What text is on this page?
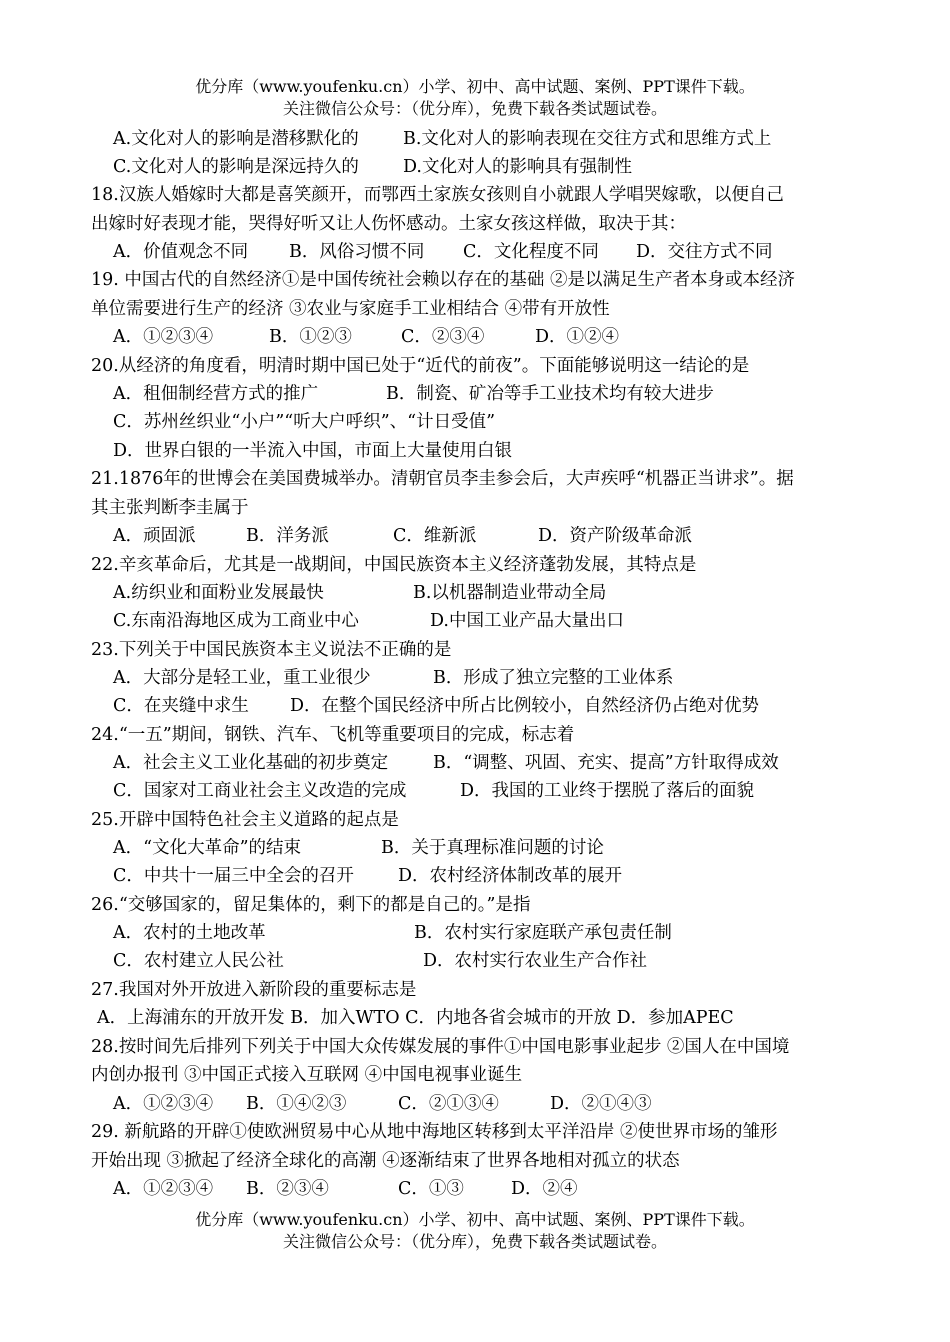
优分库（www.youfenku.cn）小学、初中、高中试题、案例、PPT课件下载。
关注微信公众号：（优分库），免费下载各类试题试卷。
A.文化对人的影响是潜移默化的	B.文化对人的影响表现在交往方式和思维方式上
C.文化对人的影响是深远持久的	D.文化对人的影响具有强制性
18.汉族人婚嫁时大都是喜笑颜开，而鄂西土家族女孩则自小就跟人学唱哭嫁歌，以便自己
出嫁时好表现才能，哭得好听又让人伤怀感动。土家女孩这样做，取决于其：
A．价值观念不同 B．风俗习惯不同 C．文化程度不同 D．交往方式不同
19. 中国古代的自然经济①是中国传统社会赖以存在的基础 ②是以满足生产者本身或本经济
单位需要进行生产的经济 ③农业与家庭手工业相结合 ④带有开放性
A．①②③④	B．①②③	C．②③④	D．①②④
20.从经济的角度看，明清时期中国已处于“近代的前夜”。下面能够说明这一结论的是
A．租佃制经营方式的推广	B．制瓷、矿冶等手工业技术均有较大进步
C．苏州丝织业“小户”“听大户呼织”、“计日受值”
D．世界白银的一半流入中国，市面上大量使用白银
21.1876年的世博会在美国费城举办。清朝官员李圭参会后，大声疾呼“机器正当讲求”。据
其主张判断李圭属于
A．顽固派	B．洋务派	C．维新派	D．资产阶级革命派
22.辛亥革命后，尤其是一战期间，中国民族资本主义经济蓬勃发展，其特点是
A.纺织业和面粉业发展最快	B.以机器制造业带动全局
C.东南沿海地区成为工商业中心	D.中国工业产品大量出口
23.下列关于中国民族资本主义说法不正确的是
A．大部分是轻工业，重工业很少	B．形成了独立完整的工业体系
C．在夹缝中求生 D．在整个国民经济中所占比例较小，自然经济仍占绝对优势
24.“一五”期间，钢铁、汽车、飞机等重要项目的完成，标志着
A．社会主义工业化基础的初步奠定	B．“调整、巩固、充实、提高”方针取得成效
C．国家对工商业社会主义改造的完成	D．我国的工业终于摆脱了落后的面貌
25.开辟中国特色社会主义道路的起点是
A．“文化大革命”的结束	B．关于真理标准问题的讨论
C．中共十一届三中全会的召开	D．农村经济体制改革的展开
26.“交够国家的，留足集体的，剩下的都是自己的。”是指
A．农村的土地改革	B．农村实行家庭联产承包责任制
C．农村建立人民公社	D．农村实行农业生产合作社
27.我国对外开放进入新阶段的重要标志是
A．上海浦东的开放开发 B．加入WTO C．内地各省会城市的开放 D．参加APEC
28.按时间先后排列下列关于中国大众传媒发展的事件①中国电影事业起步 ②国人在中国境
内创办报刊 ③中国正式接入互联网 ④中国电视事业诞生
A．①②③④ B．①④②③	C．②①③④	D．②①④③
29. 新航路的开辟①使欧洲贸易中心从地中海地区转移到太平洋沿岸 ②使世界市场的雏形
开始出现 ③掀起了经济全球化的高潮 ④逐渐结束了世界各地相对孤立的状态
A．①②③④ B．②③④	C．①③	D．②④
优分库（www.youfenku.cn）小学、初中、高中试题、案例、PPT课件下载。
关注微信公众号：（优分库），免费下载各类试题试卷。
